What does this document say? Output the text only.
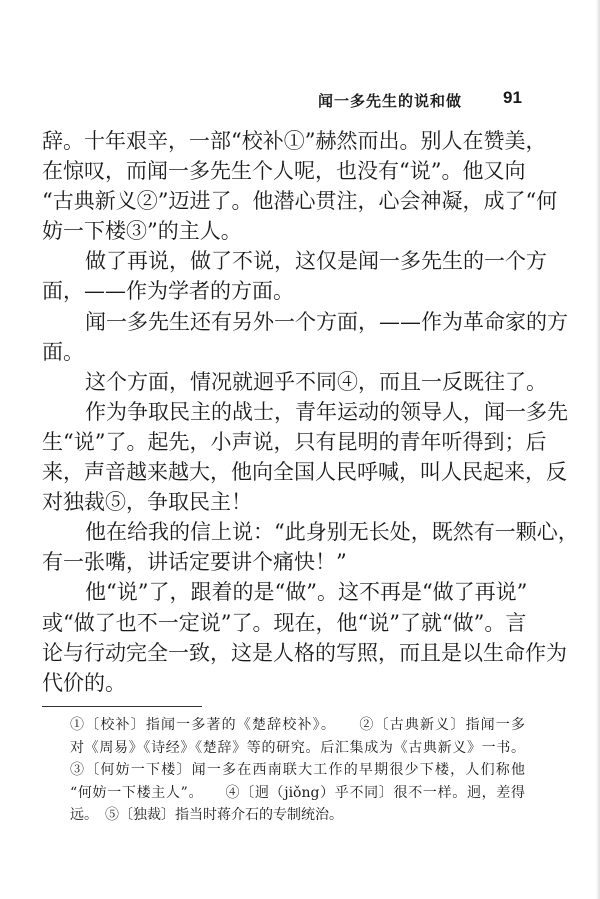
闻一多先生的说和做 91
辞。十年艰辛，一部“校补①”赫然而出。别人在赞美，
在惊叹，而闻一多先生个人呢，也没有“说”。他又向
“古典新义②”迈进了。他潜心贯注，心会神凝，成了“何
妨一下楼③”的主人。
做了再说，做了不说，这仅是闻一多先生的一个方
面，——作为学者的方面。
闻一多先生还有另外一个方面，——作为革命家的方
面。
这个方面，情况就迥乎不同④，而且一反既往了。
作为争取民主的战士，青年运动的领导人，闻一多先
生“说”了。起先，小声说，只有昆明的青年听得到；后
来，声音越来越大，他向全国人民呼喊，叫人民起来，反
对独裁⑤，争取民主！
他在给我的信上说：“此身别无长处，既然有一颗心，
有一张嘴，讲话定要讲个痛快！”
他“说”了，跟着的是“做”。这不再是“做了再说”
或“做了也不一定说”了。现在，他“说”了就“做”。言
论与行动完全一致，这是人格的写照，而且是以生命作为
代价的。
①〔校补〕指闻一多著的《楚辞校补》。　　②〔古典新义〕指闻一多
对《周易》《诗经》《楚辞》等的研究。后汇集成为《古典新义》一书。
③〔何妨一下楼〕闻一多在西南联大工作的早期很少下楼，人们称他
“何妨一下楼主人”。　　④〔迥（jiǒng）乎不同〕很不一样。迥，差得
远。　⑤〔独裁〕指当时蒋介石的专制统治。
